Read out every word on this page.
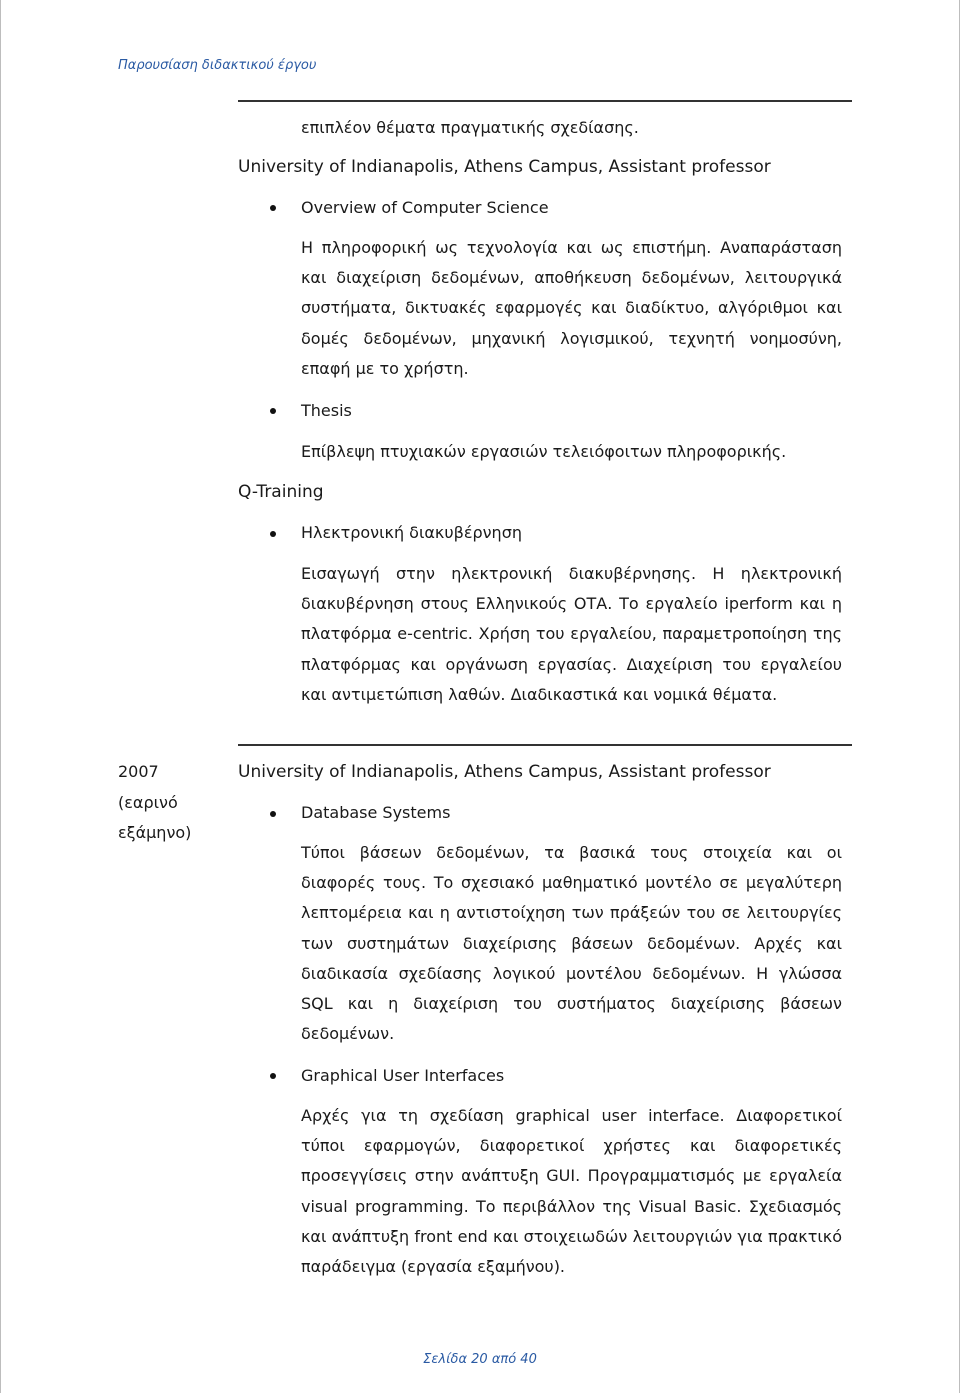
Παρουσίαση διδακτικού έργου
επιπλέον θέματα πραγματικής σχεδίασης.
University of Indianapolis, Athens Campus, Assistant professor
Overview of Computer Science
Η πληροφορική ως τεχνολογία και ως επιστήμη. Αναπαράσταση και διαχείριση δεδομένων, αποθήκευση δεδομένων, λειτουργικά συστήματα, δικτυακές εφαρμογές και διαδίκτυο, αλγόριθμοι και δομές δεδομένων, μηχανική λογισμικού, τεχνητή νοημοσύνη, επαφή με το χρήστη.
Thesis
Επίβλεψη πτυχιακών εργασιών τελειόφοιτων πληροφορικής.
Q-Training
Ηλεκτρονική διακυβέρνηση
Εισαγωγή στην ηλεκτρονική διακυβέρνησης. Η ηλεκτρονική διακυβέρνηση στους Ελληνικούς ΟΤΑ. Το εργαλείο iperform και η πλατφόρμα e-centric. Χρήση του εργαλείου, παραμετροποίηση της πλατφόρμας και οργάνωση εργασίας. Διαχείριση του εργαλείου και αντιμετώπιση λαθών. Διαδικαστικά και νομικά θέματα.
2007
(εαρινό
εξάμηνο)
University of Indianapolis, Athens Campus, Assistant professor
Database Systems
Τύποι βάσεων δεδομένων, τα βασικά τους στοιχεία και οι διαφορές τους. Το σχεσιακό μαθηματικό μοντέλο σε μεγαλύτερη λεπτομέρεια και η αντιστοίχηση των πράξεών του σε λειτουργίες των συστημάτων διαχείρισης βάσεων δεδομένων. Αρχές και διαδικασία σχεδίασης λογικού μοντέλου δεδομένων. Η γλώσσα SQL και η διαχείριση του συστήματος διαχείρισης βάσεων δεδομένων.
Graphical User Interfaces
Αρχές για τη σχεδίαση graphical user interface. Διαφορετικοί τύποι εφαρμογών, διαφορετικοί χρήστες και διαφορετικές προσεγγίσεις στην ανάπτυξη GUI. Προγραμματισμός με εργαλεία visual programming. Το περιβάλλον της Visual Basic. Σχεδιασμός και ανάπτυξη front end και στοιχειωδών λειτουργιών για πρακτικό παράδειγμα (εργασία εξαμήνου).
Σελίδα 20 από 40
